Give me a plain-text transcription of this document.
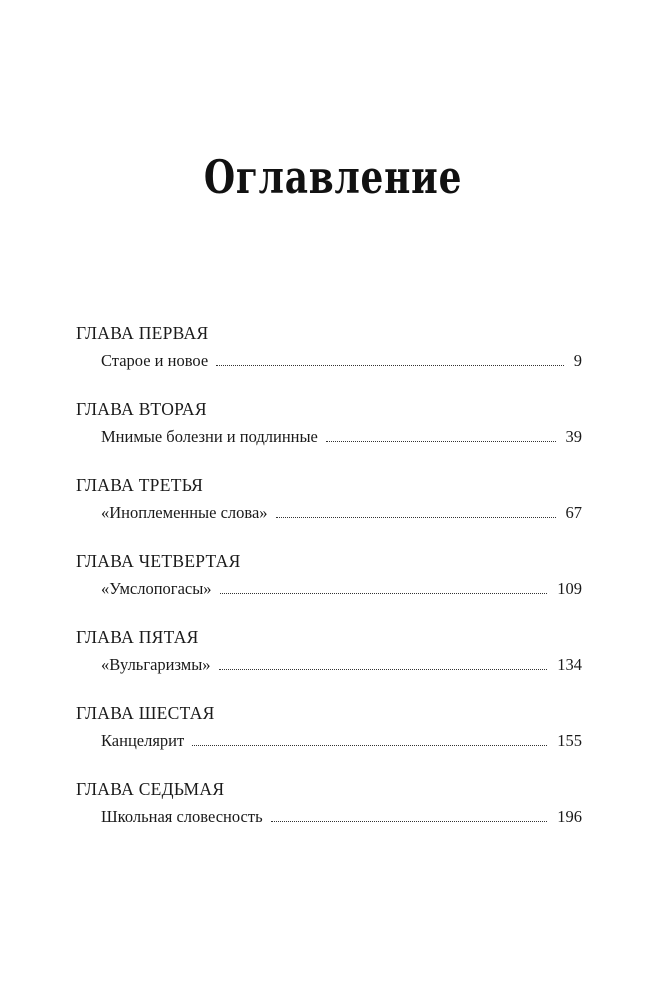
Оглавление
ГЛАВА ПЕРВАЯ
Старое и новое	9
ГЛАВА ВТОРАЯ
Мнимые болезни и подлинные	39
ГЛАВА ТРЕТЬЯ
«Иноплеменные слова»	67
ГЛАВА ЧЕТВЕРТАЯ
«Умслопогасы»	109
ГЛАВА ПЯТАЯ
«Вульгаризмы»	134
ГЛАВА ШЕСТАЯ
Канцелярит	155
ГЛАВА СЕДЬМАЯ
Школьная словесность	196
